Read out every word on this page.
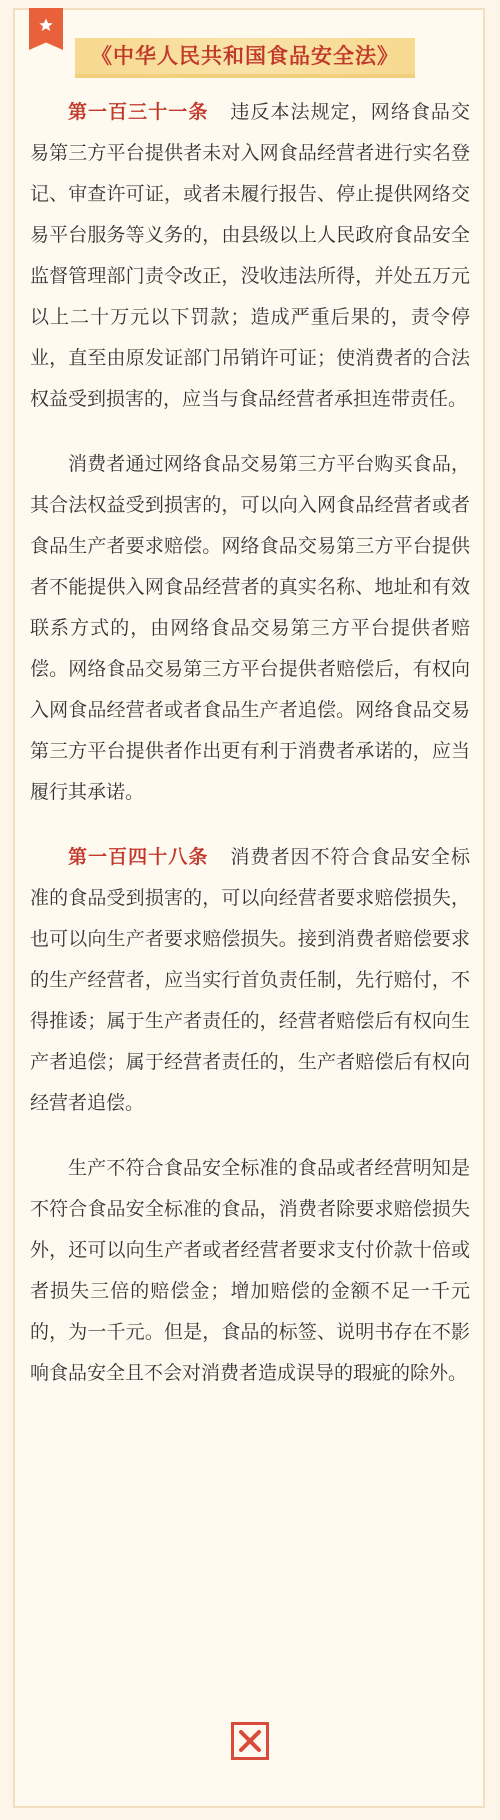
《中华人民共和国食品安全法》

第一百三十一条 违反本法规定，网络食品交易第三方平台提供者未对入网食品经营者进行实名登记、审查许可证，或者未履行报告、停止提供网络交易平台服务等义务的，由县级以上人民政府食品安全监督管理部门责令改正，没收违法所得，并处五万元以上二十万元以下罚款；造成严重后果的，责令停业，直至由原发证部门吊销许可证；使消费者的合法权益受到损害的，应当与食品经营者承担连带责任。

消费者通过网络食品交易第三方平台购买食品，其合法权益受到损害的，可以向入网食品经营者或者食品生产者要求赔偿。网络食品交易第三方平台提供者不能提供入网食品经营者的真实名称、地址和有效联系方式的，由网络食品交易第三方平台提供者赔偿。网络食品交易第三方平台提供者赔偿后，有权向入网食品经营者或者食品生产者追偿。网络食品交易第三方平台提供者作出更有利于消费者承诺的，应当履行其承诺。

第一百四十八条 消费者因不符合食品安全标准的食品受到损害的，可以向经营者要求赔偿损失，也可以向生产者要求赔偿损失。接到消费者赔偿要求的生产经营者，应当实行首负责任制，先行赔付，不得推诿；属于生产者责任的，经营者赔偿后有权向生产者追偿；属于经营者责任的，生产者赔偿后有权向经营者追偿。

生产不符合食品安全标准的食品或者经营明知是不符合食品安全标准的食品，消费者除要求赔偿损失外，还可以向生产者或者经营者要求支付价款十倍或者损失三倍的赔偿金；增加赔偿的金额不足一千元的，为一千元。但是，食品的标签、说明书存在不影响食品安全且不会对消费者造成误导的瑕疵的除外。
